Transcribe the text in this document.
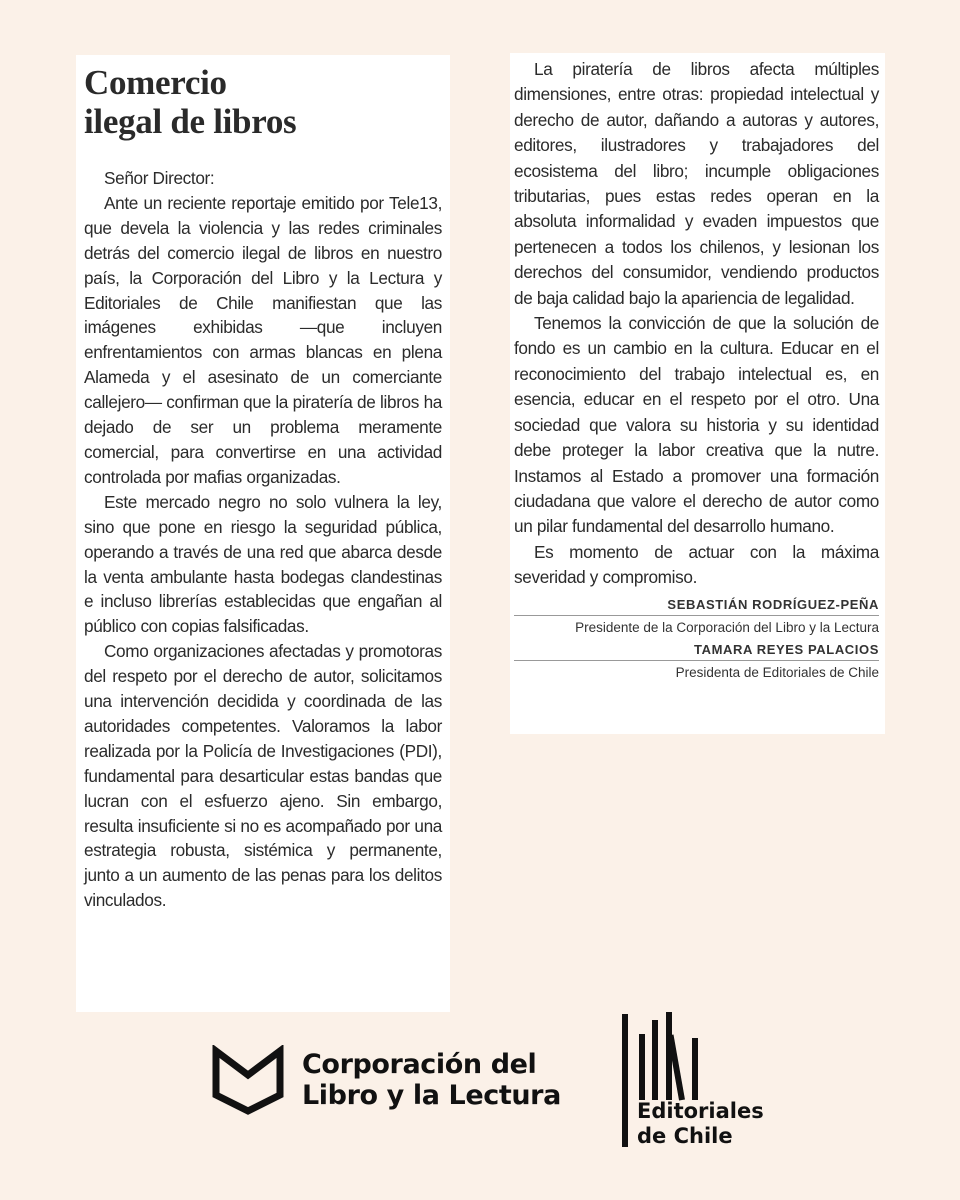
Comercio
ilegal de libros

Señor Director:

Ante un reciente reportaje emitido por Tele13, que devela la violencia y las redes criminales detrás del comercio ilegal de libros en nuestro país, la Corporación del Libro y la Lectura y Editoriales de Chile manifiestan que las imágenes exhibidas —que incluyen enfrentamientos con armas blancas en plena Alameda y el asesinato de un comerciante callejero— confirman que la piratería de libros ha dejado de ser un problema meramente comercial, para convertirse en una actividad controlada por mafias organizadas.

Este mercado negro no solo vulnera la ley, sino que pone en riesgo la seguridad pública, operando a través de una red que abarca desde la venta ambulante hasta bodegas clandestinas e incluso librerías establecidas que engañan al público con copias falsificadas.

Como organizaciones afectadas y promotoras del respeto por el derecho de autor, solicitamos una intervención decidida y coordinada de las autoridades competentes. Valoramos la labor realizada por la Policía de Investigaciones (PDI), fundamental para desarticular estas bandas que lucran con el esfuerzo ajeno. Sin embargo, resulta insuficiente si no es acompañado por una estrategia robusta, sistémica y permanente, junto a un aumento de las penas para los delitos vinculados.

La piratería de libros afecta múltiples dimensiones, entre otras: propiedad intelectual y derecho de autor, dañando a autoras y autores, editores, ilustradores y trabajadores del ecosistema del libro; incumple obligaciones tributarias, pues estas redes operan en la absoluta informalidad y evaden impuestos que pertenecen a todos los chilenos, y lesionan los derechos del consumidor, vendiendo productos de baja calidad bajo la apariencia de legalidad.

Tenemos la convicción de que la solución de fondo es un cambio en la cultura. Educar en el reconocimiento del trabajo intelectual es, en esencia, educar en el respeto por el otro. Una sociedad que valora su historia y su identidad debe proteger la labor creativa que la nutre. Instamos al Estado a promover una formación ciudadana que valore el derecho de autor como un pilar fundamental del desarrollo humano.

Es momento de actuar con la máxima severidad y compromiso.

SEBASTIÁN RODRÍGUEZ-PEÑA
Presidente de la Corporación del Libro y la Lectura
TAMARA REYES PALACIOS
Presidenta de Editoriales de Chile
Corporación del
Libro y la Lectura	Editoriales
de Chile
